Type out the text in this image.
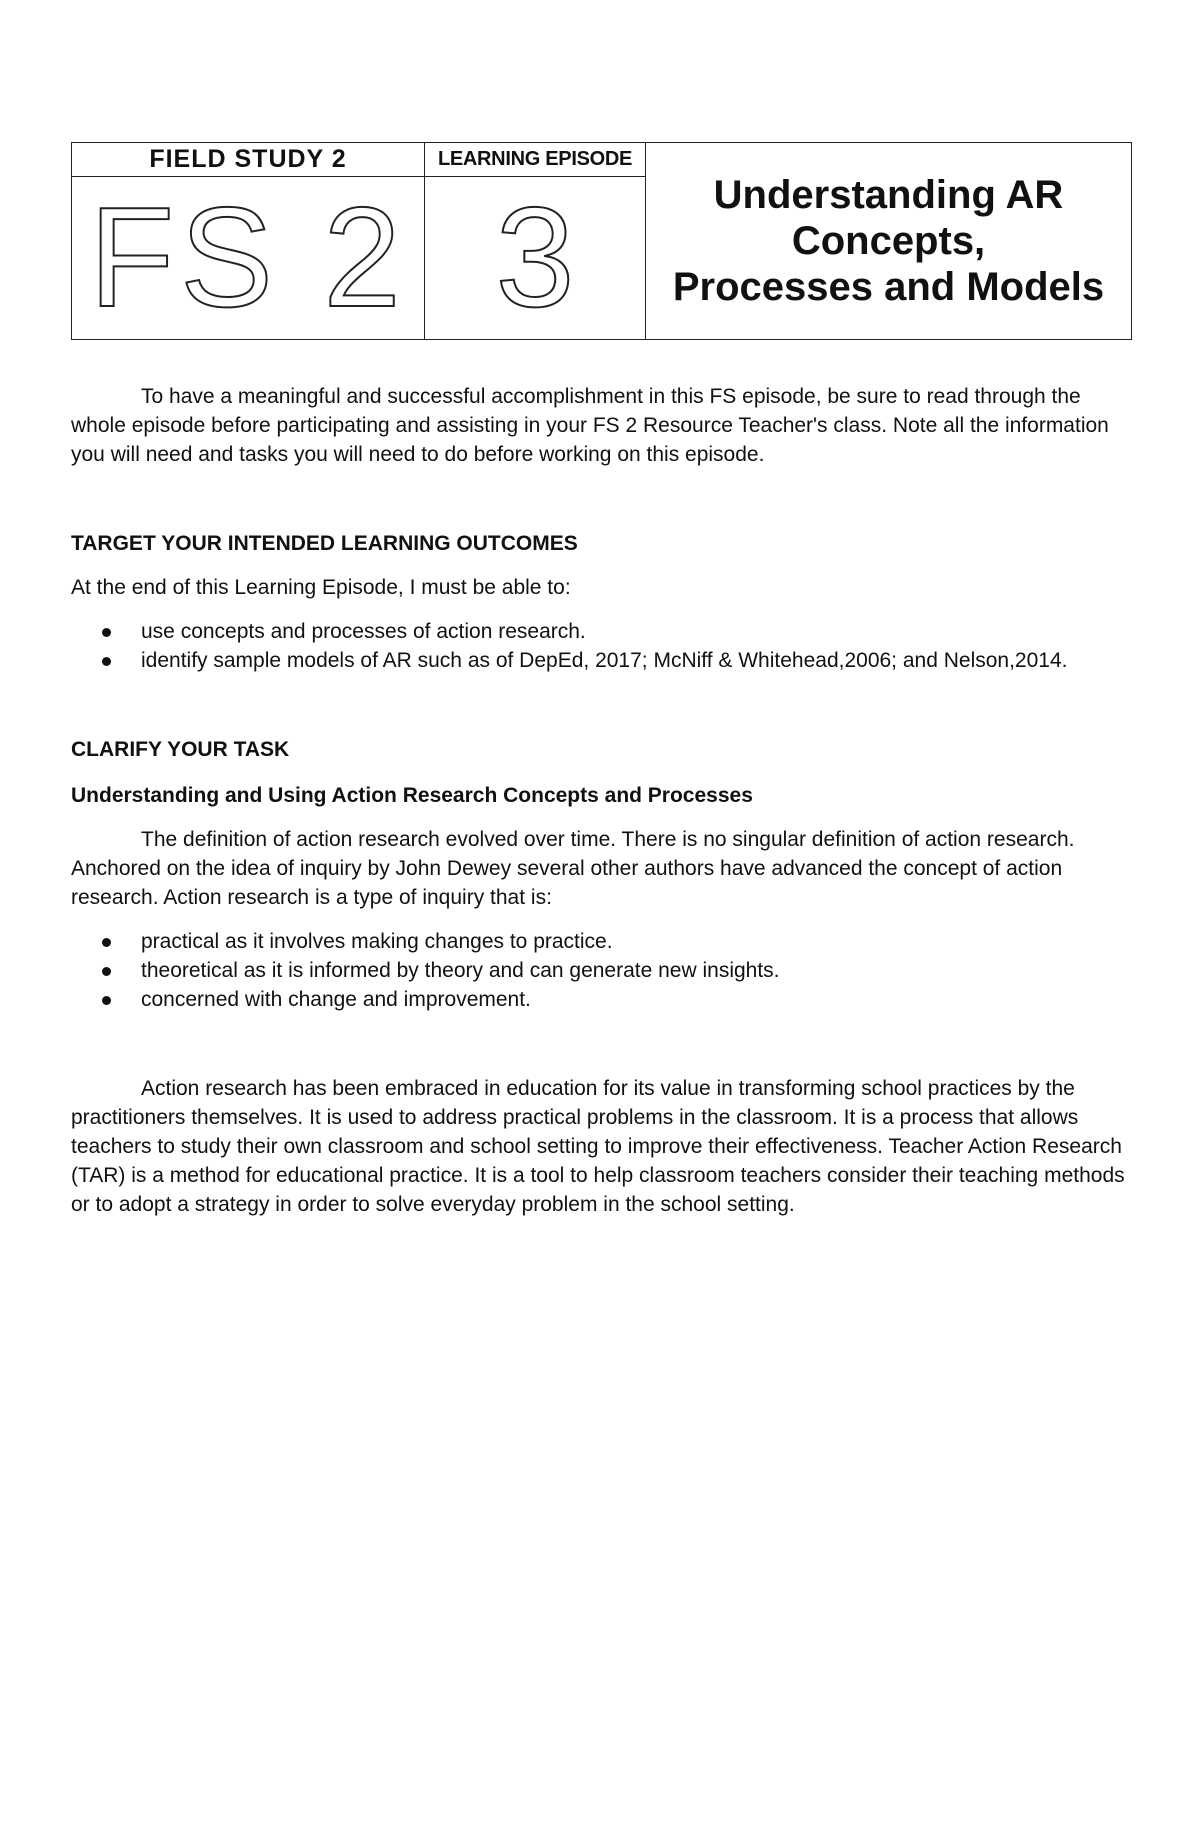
FIELD STUDY 2
FS 2
LEARNING EPISODE
3	Understanding AR
Concepts,
Processes and Models

To have a meaningful and successful accomplishment in this FS episode, be sure to read through the whole episode before participating and assisting in your FS 2 Resource Teacher's class. Note all the information you will need and tasks you will need to do before working on this episode.

TARGET YOUR INTENDED LEARNING OUTCOMES

At the end of this Learning Episode, I must be able to:

use concepts and processes of action research.
identify sample models of AR such as of DepEd, 2017; McNiff & Whitehead,2006; and Nelson,2014.

CLARIFY YOUR TASK

Understanding and Using Action Research Concepts and Processes

The definition of action research evolved over time. There is no singular definition of action research. Anchored on the idea of inquiry by John Dewey several other authors have advanced the concept of action research. Action research is a type of inquiry that is:

practical as it involves making changes to practice.
theoretical as it is informed by theory and can generate new insights.
concerned with change and improvement.

Action research has been embraced in education for its value in transforming school practices by the practitioners themselves. It is used to address practical problems in the classroom. It is a process that allows teachers to study their own classroom and school setting to improve their effectiveness. Teacher Action Research (TAR) is a method for educational practice. It is a tool to help classroom teachers consider their teaching methods or to adopt a strategy in order to solve everyday problem in the school setting.
